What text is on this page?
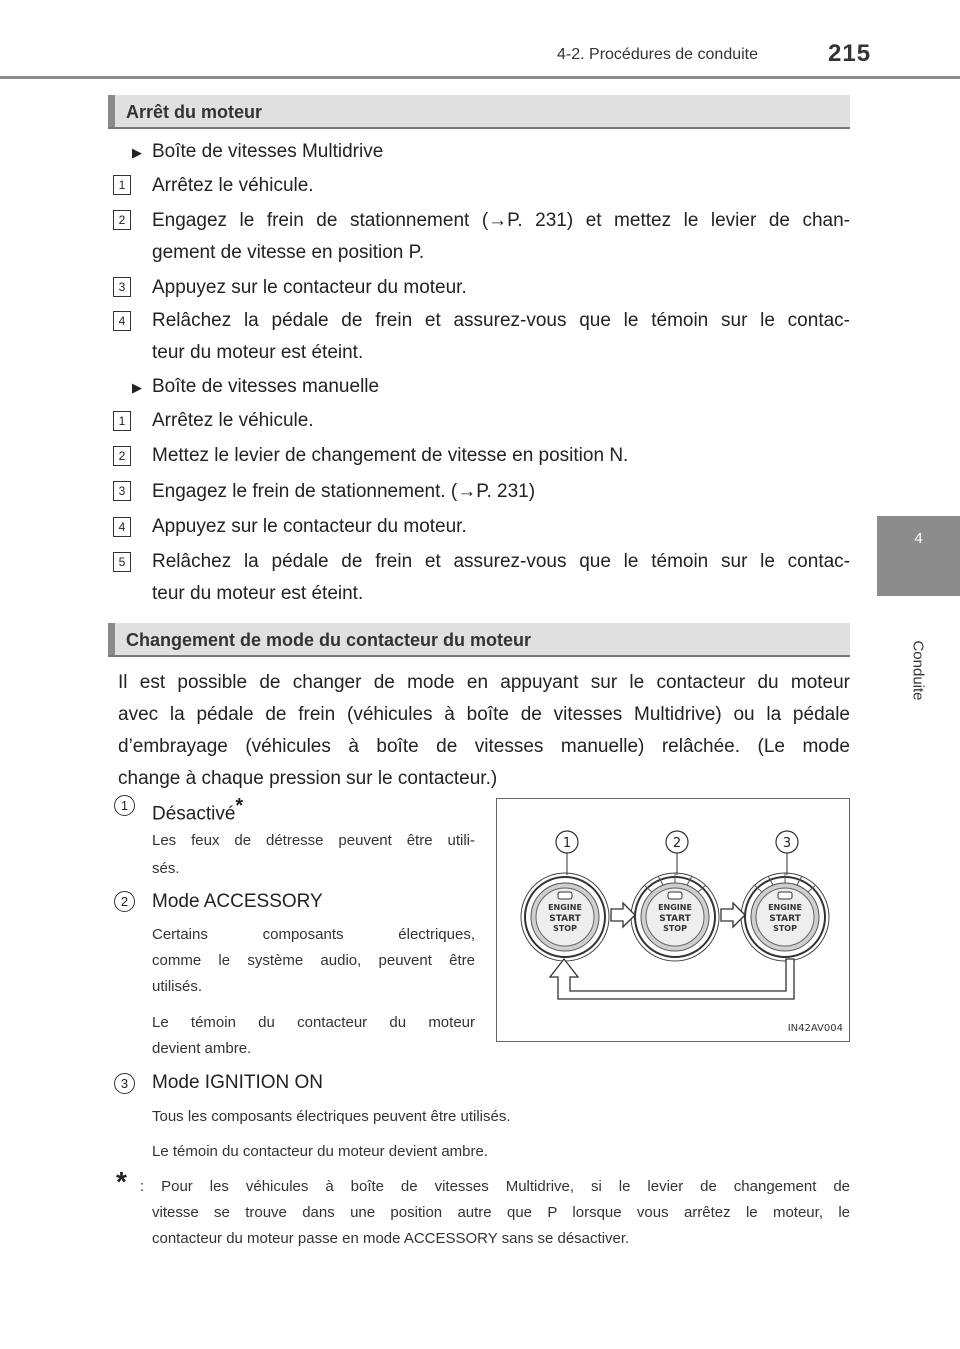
4-2. Procédures de conduite	215
4
Conduite
Arrêt du moteur
▶ Boîte de vitesses Multidrive
1 Arrêtez le véhicule.
2 Engagez le frein de stationnement (→P. 231) et mettez le levier de chan-
gement de vitesse en position P.
3 Appuyez sur le contacteur du moteur.
4 Relâchez la pédale de frein et assurez-vous que le témoin sur le contac-
teur du moteur est éteint.
▶ Boîte de vitesses manuelle
1 Arrêtez le véhicule.
2 Mettez le levier de changement de vitesse en position N.
3 Engagez le frein de stationnement. (→P. 231)
4 Appuyez sur le contacteur du moteur.
5 Relâchez la pédale de frein et assurez-vous que le témoin sur le contac-
teur du moteur est éteint.
Changement de mode du contacteur du moteur
Il est possible de changer de mode en appuyant sur le contacteur du moteur
avec la pédale de frein (véhicules à boîte de vitesses Multidrive) ou la pédale
d’embrayage (véhicules à boîte de vitesses manuelle) relâchée. (Le mode
change à chaque pression sur le contacteur.)
1	Désactivé*
Les feux de détresse peuvent être utili-
sés.
2	Mode ACCESSORY
Certains composants électriques,
comme le système audio, peuvent être
utilisés.
Le témoin du contacteur du moteur
devient ambre.
3	Mode IGNITION ON
Tous les composants électriques peuvent être utilisés.
Le témoin du contacteur du moteur devient ambre.
* : Pour les véhicules à boîte de vitesses Multidrive, si le levier de changement de
vitesse se trouve dans une position autre que P lorsque vous arrêtez le moteur, le
contacteur du moteur passe en mode ACCESSORY sans se désactiver.
1	2	3
ENGINE
START
STOP
ENGINE
START
STOP
ENGINE
START
STOP
IN42AV004
